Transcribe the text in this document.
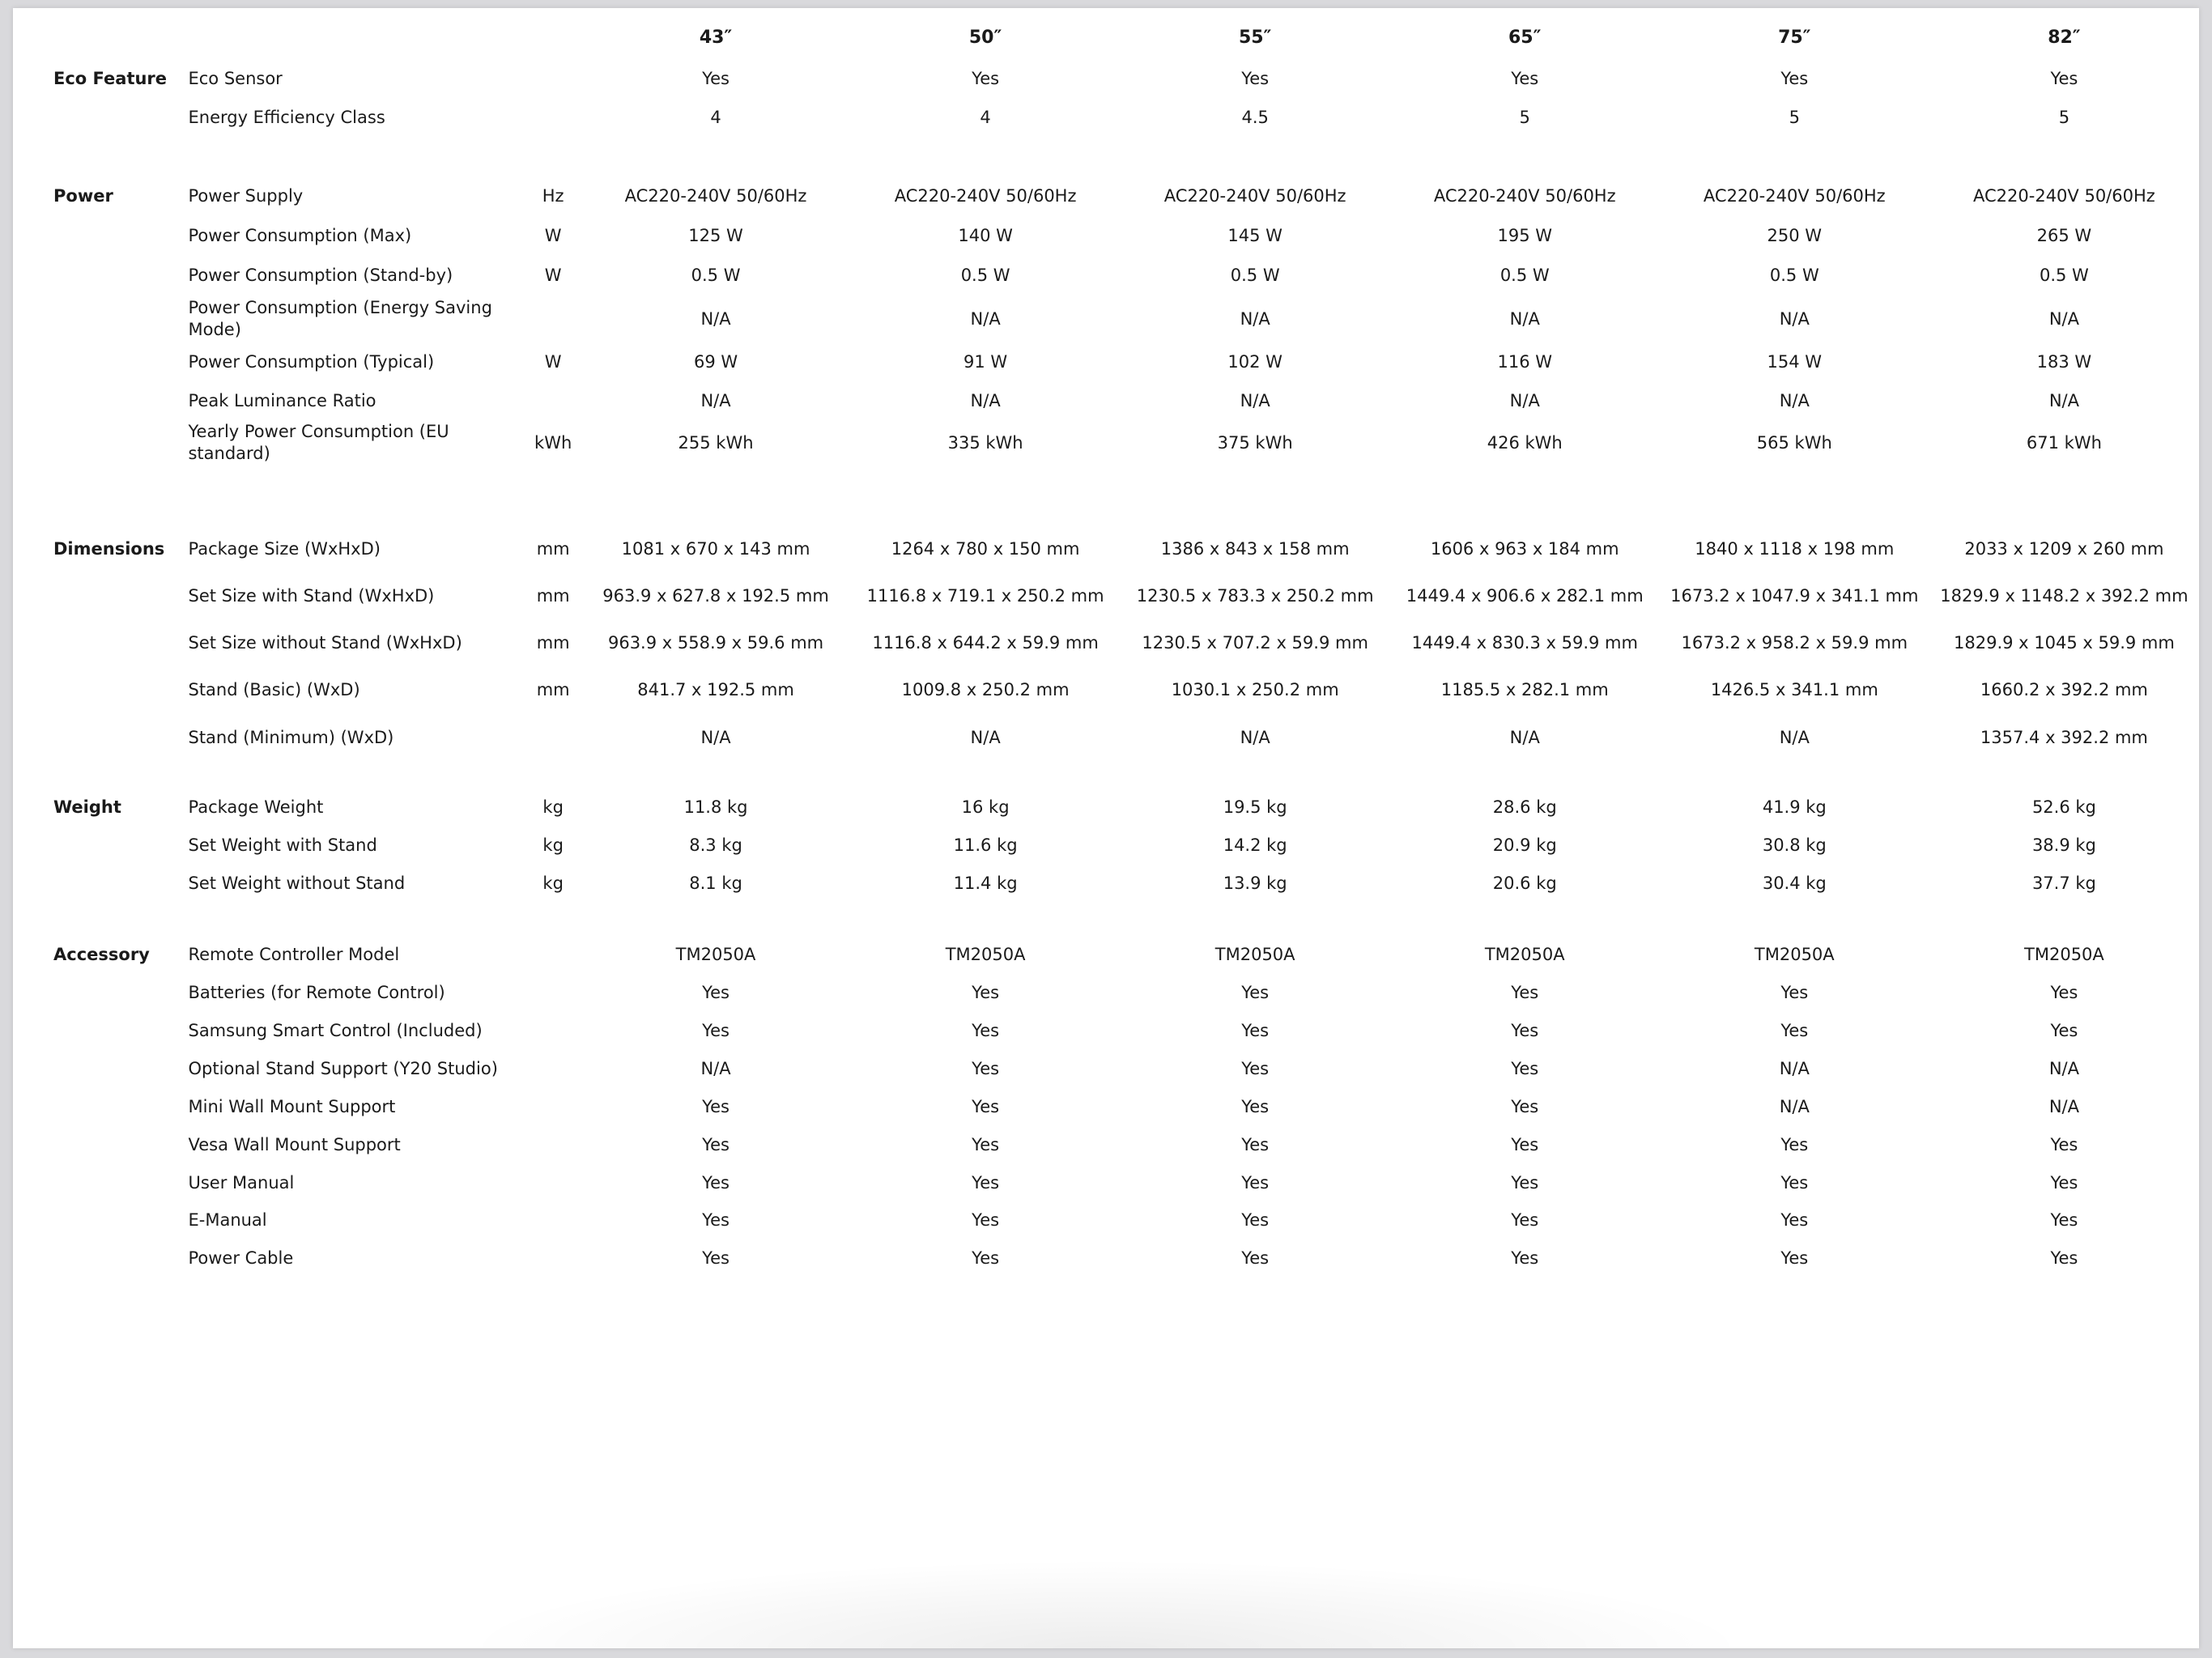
			43″	50″	55″	65″	75″	82″
Eco Feature	Eco Sensor		Yes	Yes	Yes	Yes	Yes	Yes
	Energy Efficiency Class		4	4	4.5	5	5	5

Power	Power Supply	Hz	AC220-240V 50/60Hz	AC220-240V 50/60Hz	AC220-240V 50/60Hz	AC220-240V 50/60Hz	AC220-240V 50/60Hz	AC220-240V 50/60Hz
	Power Consumption (Max)	W	125 W	140 W	145 W	195 W	250 W	265 W
	Power Consumption (Stand-by)	W	0.5 W	0.5 W	0.5 W	0.5 W	0.5 W	0.5 W
	Power Consumption (Energy Saving Mode)		N/A	N/A	N/A	N/A	N/A	N/A
	Power Consumption (Typical)	W	69 W	91 W	102 W	116 W	154 W	183 W
	Peak Luminance Ratio		N/A	N/A	N/A	N/A	N/A	N/A
	Yearly Power Consumption (EU standard)	kWh	255 kWh	335 kWh	375 kWh	426 kWh	565 kWh	671 kWh

Dimensions	Package Size (WxHxD)	mm	1081 x 670 x 143 mm	1264 x 780 x 150 mm	1386 x 843 x 158 mm	1606 x 963 x 184 mm	1840 x 1118 x 198 mm	2033 x 1209 x 260 mm
	Set Size with Stand (WxHxD)	mm	963.9 x 627.8 x 192.5 mm	1116.8 x 719.1 x 250.2 mm	1230.5 x 783.3 x 250.2 mm	1449.4 x 906.6 x 282.1 mm	1673.2 x 1047.9 x 341.1 mm	1829.9 x 1148.2 x 392.2 mm
	Set Size without Stand (WxHxD)	mm	963.9 x 558.9 x 59.6 mm	1116.8 x 644.2 x 59.9 mm	1230.5 x 707.2 x 59.9 mm	1449.4 x 830.3 x 59.9 mm	1673.2 x 958.2 x 59.9 mm	1829.9 x 1045 x 59.9 mm
	Stand (Basic) (WxD)	mm	841.7 x 192.5 mm	1009.8 x 250.2 mm	1030.1 x 250.2 mm	1185.5 x 282.1 mm	1426.5 x 341.1 mm	1660.2 x 392.2 mm
	Stand (Minimum) (WxD)		N/A	N/A	N/A	N/A	N/A	1357.4 x 392.2 mm

Weight	Package Weight	kg	11.8 kg	16 kg	19.5 kg	28.6 kg	41.9 kg	52.6 kg
	Set Weight with Stand	kg	8.3 kg	11.6 kg	14.2 kg	20.9 kg	30.8 kg	38.9 kg
	Set Weight without Stand	kg	8.1 kg	11.4 kg	13.9 kg	20.6 kg	30.4 kg	37.7 kg

Accessory	Remote Controller Model		TM2050A	TM2050A	TM2050A	TM2050A	TM2050A	TM2050A
	Batteries (for Remote Control)		Yes	Yes	Yes	Yes	Yes	Yes
	Samsung Smart Control (Included)		Yes	Yes	Yes	Yes	Yes	Yes
	Optional Stand Support (Y20 Studio)		N/A	Yes	Yes	Yes	N/A	N/A
	Mini Wall Mount Support		Yes	Yes	Yes	Yes	N/A	N/A
	Vesa Wall Mount Support		Yes	Yes	Yes	Yes	Yes	Yes
	User Manual		Yes	Yes	Yes	Yes	Yes	Yes
	E-Manual		Yes	Yes	Yes	Yes	Yes	Yes
	Power Cable		Yes	Yes	Yes	Yes	Yes	Yes
